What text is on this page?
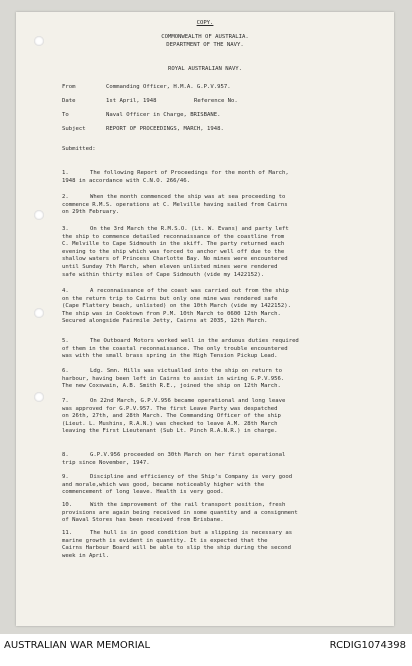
COPY.
COMMONWEALTH OF AUSTRALIA.
DEPARTMENT OF THE NAVY.
ROYAL AUSTRALIAN NAVY.
From	Commanding Officer, H.M.A. G.P.V.957.
Date	1st April, 1948	Reference No.
To	Naval Officer in Charge, BRISBANE.
Subject	REPORT OF PROCEEDINGS, MARCH, 1948.
Submitted:
1.	The following Report of Proceedings for the month of March,
1948 in accordance with C.N.O. 266/46.
2.	When the month commenced the ship was at sea proceeding to
commence R.M.S. operations at C. Melville having sailed from Cairns
on 29th February.
3.	On the 3rd March the R.M.S.O. (Lt. W. Evans) and party left
the ship to commence detailed reconnaissance of the coastline from
C. Melville to Cape Sidmouth in the skiff. The party returned each
evening to the ship which was forced to anchor well off due to the
shallow waters of Princess Charlotte Bay. No mines were encountered
until Sunday 7th March, when eleven unlisted mines were rendered
safe within thirty miles of Cape Sidmouth (vide my 1422152).
4.	A reconnaissance of the coast was carried out from the ship
on the return trip to Cairns but only one mine was rendered safe
(Cape Flattery beach, unlisted) on the 10th March (vide my 1422152).
The ship was in Cooktown from P.M. 10th March to 0600 12th March.
Secured alongside Fairmile Jetty, Cairns at 2035, 12th March.
5.	The Outboard Motors worked well in the arduous duties required
of them in the coastal reconnaissance. The only trouble encountered
was with the small brass spring in the High Tension Pickup Lead.
6.	Ldg. Smn. Hills was victualled into the ship on return to
harbour, having been left in Cairns to assist in wiring G.P.V.956.
The new Coxswain, A.B. Smith R.E., joined the ship on 12th March.
7.	On 22nd March, G.P.V.956 became operational and long leave
was approved for G.P.V.957. The first Leave Party was despatched
on 26th, 27th, and 28th March. The Commanding Officer of the ship
(Lieut. L. Mushins, R.A.N.) was checked to leave A.M. 28th March
leaving the First Lieutenant (Sub Lt. Pinch R.A.N.R.) in charge.
8.	G.P.V.956 proceeded on 30th March on her first operational
trip since November, 1947.
9.	Discipline and efficiency of the Ship's Company is very good
and morale,which was good, became noticeably higher with the
commencement of long leave. Health is very good.
10.	With the improvement of the rail transport position, fresh
provisions are again being received in some quantity and a consignment
of Naval Stores has been received from Brisbane.
11.	The hull is in good condition but a slipping is necessary as
marine growth is evident in quantity. It is expected that the
Cairns Harbour Board will be able to slip the ship during the second
week in April.
AUSTRALIAN WAR MEMORIAL	RCDIG1074398
